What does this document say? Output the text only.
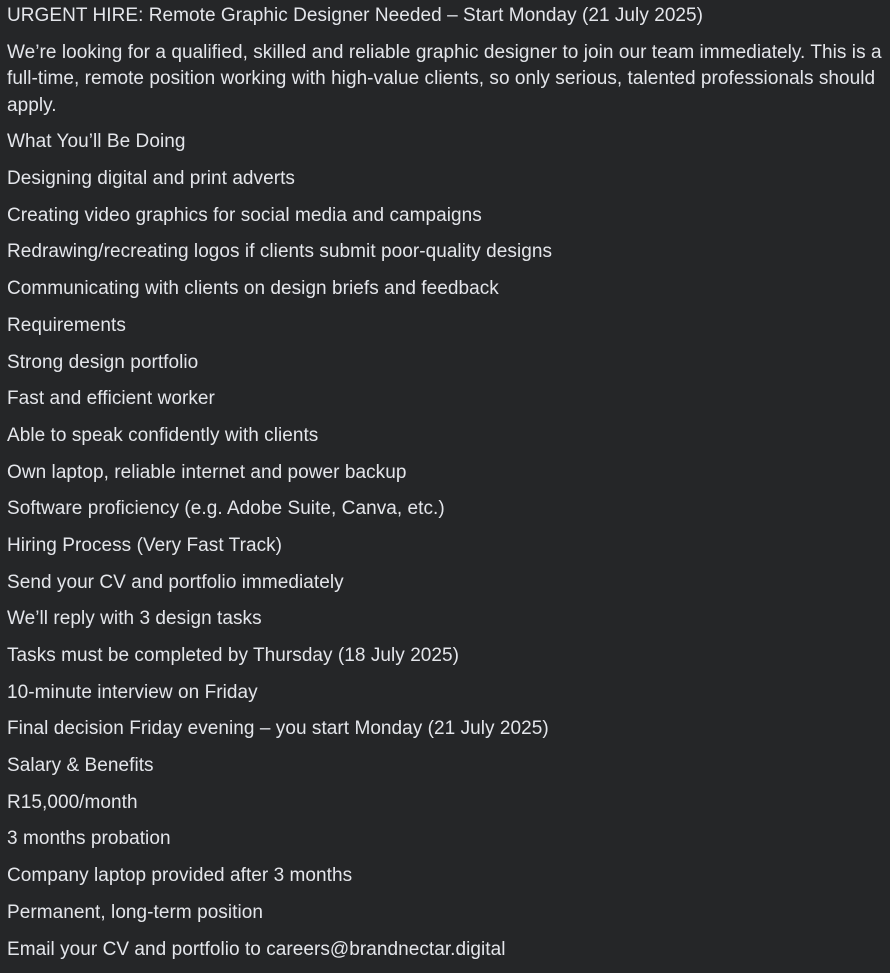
URGENT HIRE: Remote Graphic Designer Needed – Start Monday (21 July 2025)
We’re looking for a qualified, skilled and reliable graphic designer to join our team immediately. This is a full-time, remote position working with high-value clients, so only serious, talented professionals should apply.
What You’ll Be Doing
Designing digital and print adverts
Creating video graphics for social media and campaigns
Redrawing/recreating logos if clients submit poor-quality designs
Communicating with clients on design briefs and feedback
Requirements
Strong design portfolio
Fast and efficient worker
Able to speak confidently with clients
Own laptop, reliable internet and power backup
Software proficiency (e.g. Adobe Suite, Canva, etc.)
Hiring Process (Very Fast Track)
Send your CV and portfolio immediately
We’ll reply with 3 design tasks
Tasks must be completed by Thursday (18 July 2025)
10-minute interview on Friday
Final decision Friday evening – you start Monday (21 July 2025)
Salary & Benefits
R15,000/month
3 months probation
Company laptop provided after 3 months
Permanent, long-term position
Email your CV and portfolio to careers@brandnectar.digital
